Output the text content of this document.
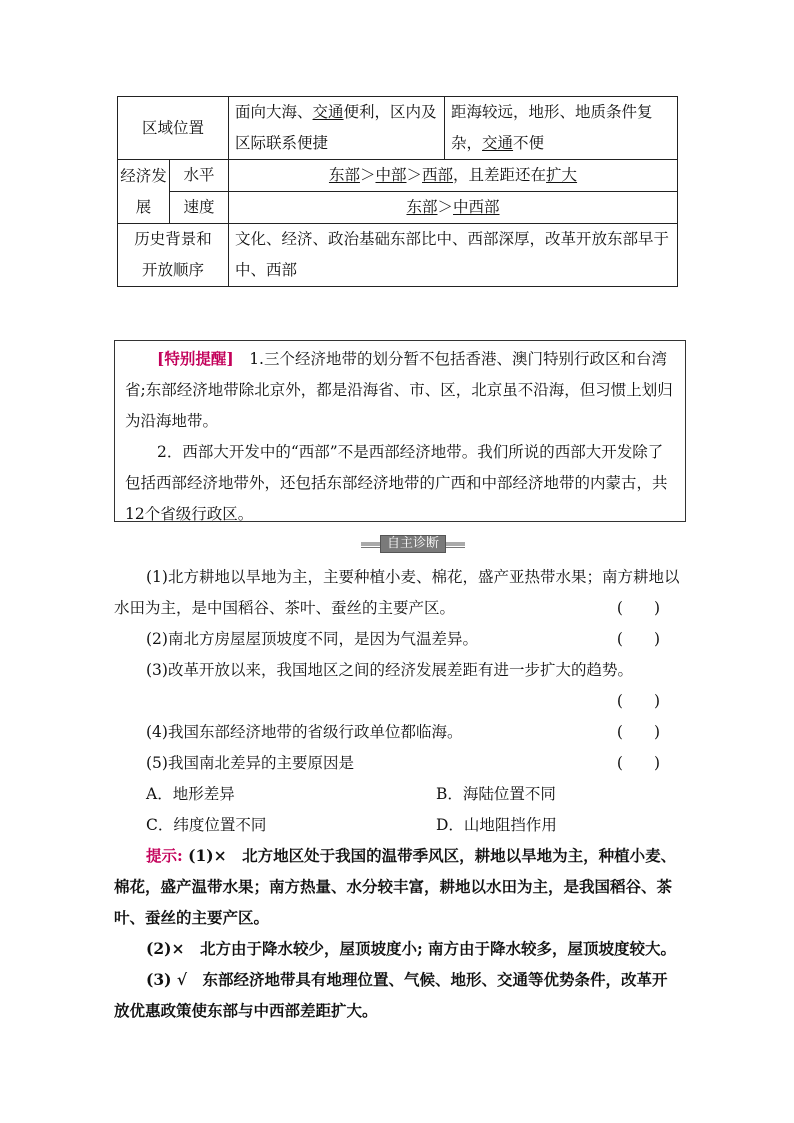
区域位置		面向大海、交通便利，区内及区际联系便捷	距海较远，地形、地质条件复杂，交通不便
经济发展	水平	东部＞中部＞西部，且差距还在扩大	
	速度	东部＞中西部	
历史背景和开放顺序		文化、经济、政治基础东部比中、西部深厚，改革开放东部早于中、西部	

[特别提醒]　 1.三个经济地带的划分暂不包括香港、澳门特别行政区和台湾省;东部经济地带除北京外，都是沿海省、市、区，北京虽不沿海，但习惯上划归为沿海地带。

2．西部大开发中的“西部”不是西部经济地带。我们所说的西部大开发除了包括西部经济地带外，还包括东部经济地带的广西和中部经济地带的内蒙古，共12个省级行政区。

自主诊断

(1)北方耕地以旱地为主，主要种植小麦、棉花，盛产亚热带水果；南方耕地以水田为主，是中国稻谷、茶叶、蚕丝的主要产区。	(　　)

(2)南北方房屋屋顶坡度不同，是因为气温差异。	(　　)

(3)改革开放以来，我国地区之间的经济发展差距有进一步扩大的趋势。

(　　)

(4)我国东部经济地带的省级行政单位都临海。	(　　)

(5)我国南北差异的主要原因是	(　　)

A．地形差异	B．海陆位置不同

C．纬度位置不同	D．山地阻挡作用

提示: (1)×　北方地区处于我国的温带季风区，耕地以旱地为主，种植小麦、棉花，盛产温带水果；南方热量、水分较丰富，耕地以水田为主，是我国稻谷、茶叶、蚕丝的主要产区。

(2)×　北方由于降水较少，屋顶坡度小; 南方由于降水较多，屋顶坡度较大。

(3) √　东部经济地带具有地理位置、气候、地形、交通等优势条件，改革开放优惠政策使东部与中西部差距扩大。
